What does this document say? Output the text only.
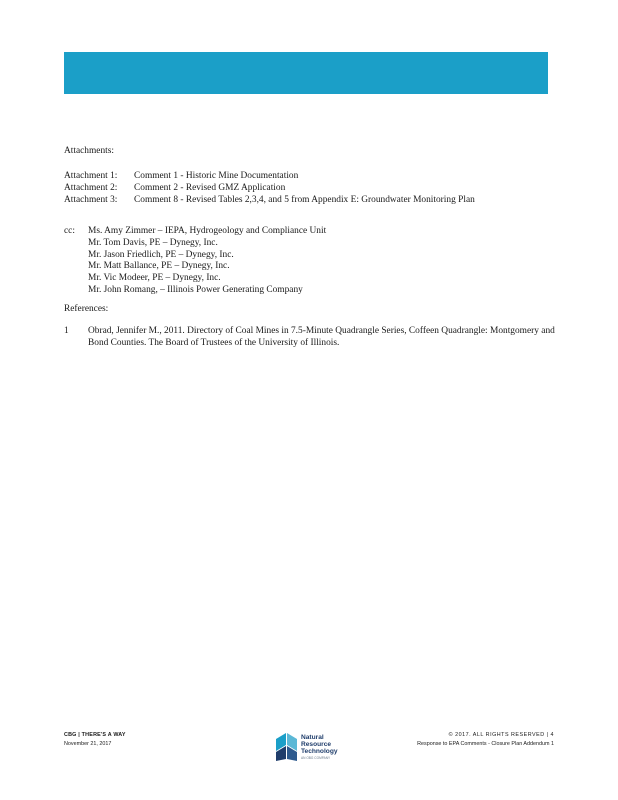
Attachments:
Attachment 1:	Comment 1 - Historic Mine Documentation
Attachment 2:	Comment 2 - Revised GMZ Application
Attachment 3:	Comment 8 - Revised Tables 2,3,4, and 5 from Appendix E: Groundwater Monitoring Plan
cc: Ms. Amy Zimmer – IEPA, Hydrogeology and Compliance Unit
Mr. Tom Davis, PE – Dynegy, Inc.
Mr. Jason Friedlich, PE – Dynegy, Inc.
Mr. Matt Ballance, PE – Dynegy, Inc.
Mr. Vic Modeer, PE – Dynegy, Inc.
Mr. John Romang, – Illinois Power Generating Company
References:
1 Obrad, Jennifer M., 2011. Directory of Coal Mines in 7.5-Minute Quadrangle Series, Coffeen Quadrangle: Montgomery and Bond Counties. The Board of Trustees of the University of Illinois.
CBG | THERE'S A WAY
November 21, 2017
Natural
Resource
Technology
AN OBG COMPANY
© 2017. ALL RIGHTS RESERVED | 4
Response to EPA Comments - Closure Plan Addendum 1
